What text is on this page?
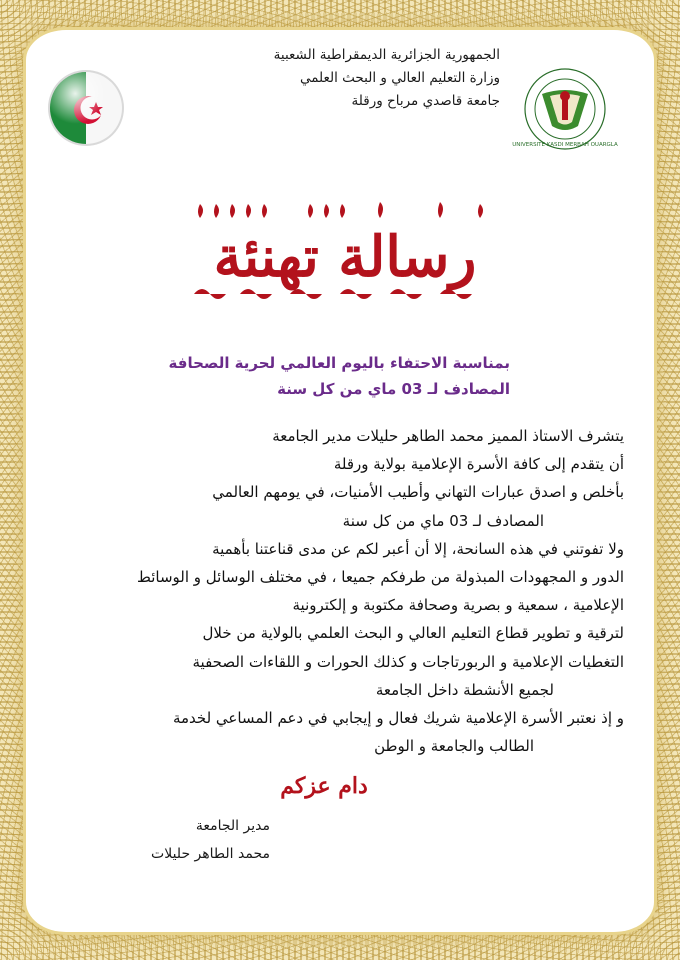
UNIVERSITE KASDI MERBAH OUARGLA
الجمهورية الجزائرية الديمقراطية الشعبية
وزارة التعليم العالي و البحث العلمي
جامعة قاصدي مرباح ورقلة
رسالة تهنئة
بمناسبة الاحتفاء باليوم العالمي لحرية الصحافة
المصادف لـ 03 ماي من كل سنة
يتشرف الاستاذ المميز محمد الطاهر حليلات مدير الجامعة
أن يتقدم إلى كافة الأسرة الإعلامية بولاية ورقلة
بأخلص و اصدق عبارات التهاني وأطيب الأمنيات، في يومهم العالمي
المصادف لـ 03 ماي من كل سنة
ولا تفوتني في هذه السانحة، إلا أن أعبر لكم عن مدى قناعتنا بأهمية
الدور و المجهودات المبذولة من طرفكم جميعا ، في مختلف الوسائل و الوسائط
الإعلامية ، سمعية و بصرية وصحافة مكتوبة و إلكترونية
لترقية و تطوير قطاع التعليم العالي و البحث العلمي بالولاية من خلال
التغطيات الإعلامية و الربورتاجات و كذلك الحورات و اللقاءات الصحفية
لجميع الأنشطة داخل الجامعة
و إذ نعتبر الأسرة الإعلامية شريك فعال و إيجابي في دعم المساعي لخدمة
الطالب والجامعة و الوطن
دام عزكم
مدير الجامعة
محمد الطاهر حليلات
